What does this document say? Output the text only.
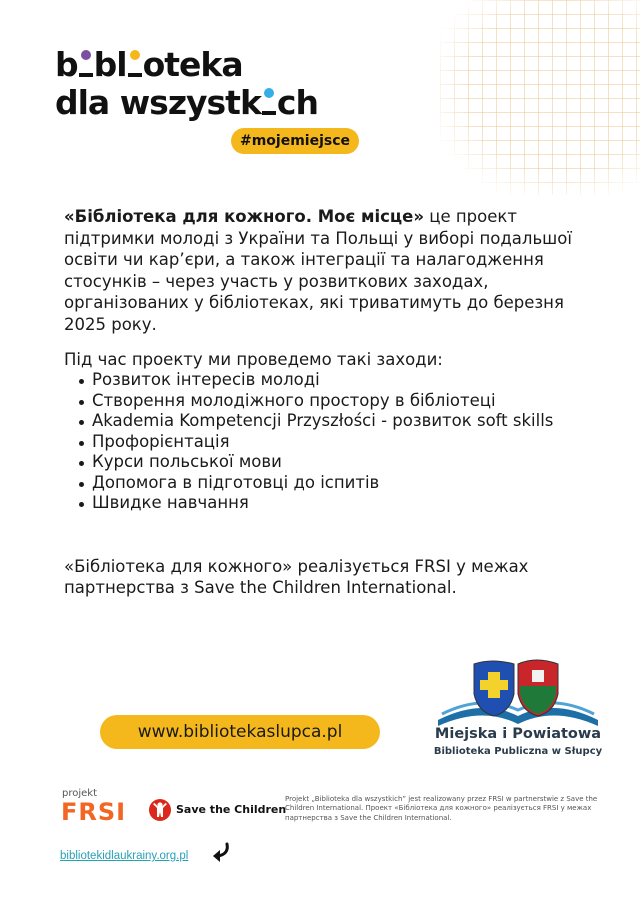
b bl oteka
dla wszystk ch
#mojemiejsce
«Бібліотека для кожного. Моє місце» це проект підтримки молоді з України та Польщі у виборі подальшої освіти чи кар’єри, а також інтеграції та налагодження стосунків – через участь у розвиткових заходах, організованих у бібліотеках, які триватимуть до березня 2025 року.
Під час проекту ми проведемо такі заходи:
Розвиток інтересів молоді
Створення молодіжного простору в бібліотеці
Akademia Kompetencji Przyszłości - розвиток soft skills
Профорієнтація
Курси польської мови
Допомога в підготовці до іспитів
Швидке навчання
«Бібліотека для кожного» реалізується FRSI у межах партнерства з Save the Children International.
www.bibliotekaslupca.pl	Miejska i Powiatowa
Biblioteka Publiczna w Słupcy
projekt
FRSI	Save the Children
Projekt „Biblioteka dla wszystkich” jest realizowany przez FRSI w partnerstwie z Save the Children International. Проект «Бібліотека для кожного» реалізується FRSI у межах партнерства з Save the Children International.
bibliotekidlaukrainy.org.pl
